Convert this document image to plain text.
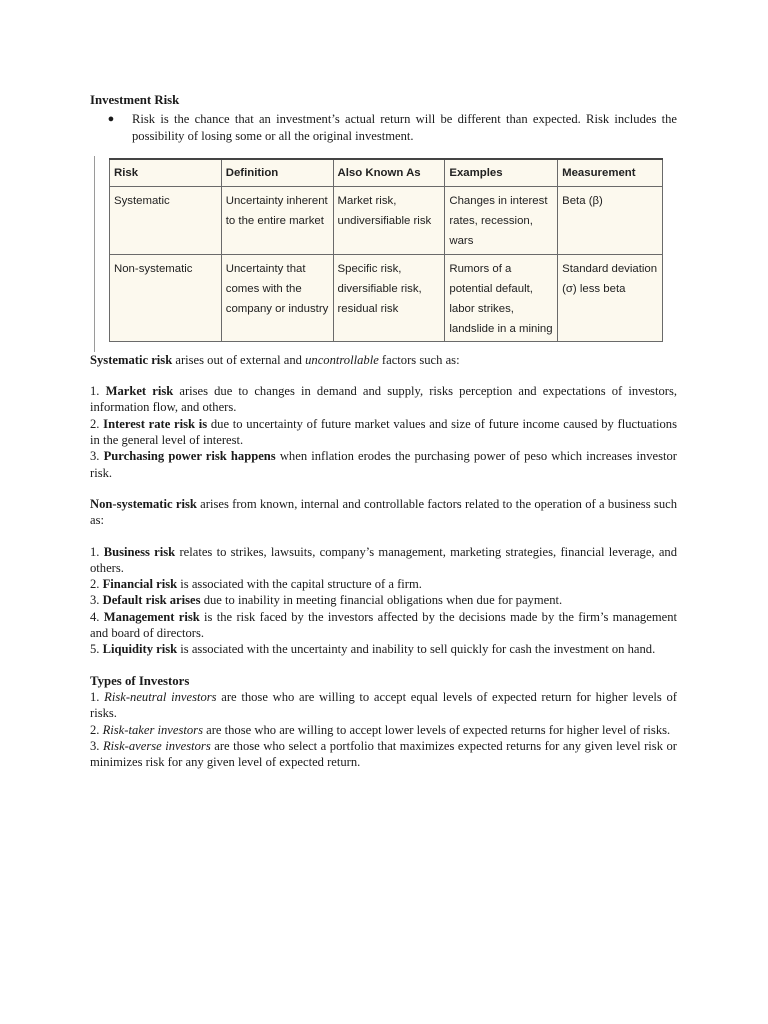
Investment Risk

●	Risk is the chance that an investment’s actual return will be different than expected. Risk includes the possibility of losing some or all the original investment.
Risk	Definition	Also Known As	Examples	Measurement
Systematic	Uncertainty inherent to the entire market	Market risk, undiversifiable risk	Changes in interest rates, recession, wars	Beta (β)
Non-systematic	Uncertainty that comes with the company or industry	Specific risk, diversifiable risk, residual risk	Rumors of a potential default, labor strikes, landslide in a mining	Standard deviation (σ) less beta

Systematic risk arises out of external and uncontrollable factors such as:

1. Market risk arises due to changes in demand and supply, risks perception and expectations of investors, information flow, and others.

2. Interest rate risk is due to uncertainty of future market values and size of future income caused by fluctuations in the general level of interest.

3. Purchasing power risk happens when inflation erodes the purchasing power of peso which increases investor risk.

Non-systematic risk arises from known, internal and controllable factors related to the operation of a business such as:

1. Business risk relates to strikes, lawsuits, company’s management, marketing strategies, financial leverage, and others.

2. Financial risk is associated with the capital structure of a firm.

3. Default risk arises due to inability in meeting financial obligations when due for payment.

4. Management risk is the risk faced by the investors affected by the decisions made by the firm’s management and board of directors.

5. Liquidity risk is associated with the uncertainty and inability to sell quickly for cash the investment on hand.

Types of Investors

1. Risk-neutral investors are those who are willing to accept equal levels of expected return for higher levels of risks.

2. Risk-taker investors are those who are willing to accept lower levels of expected returns for higher level of risks.

3. Risk-averse investors are those who select a portfolio that maximizes expected returns for any given level risk or minimizes risk for any given level of expected return.
